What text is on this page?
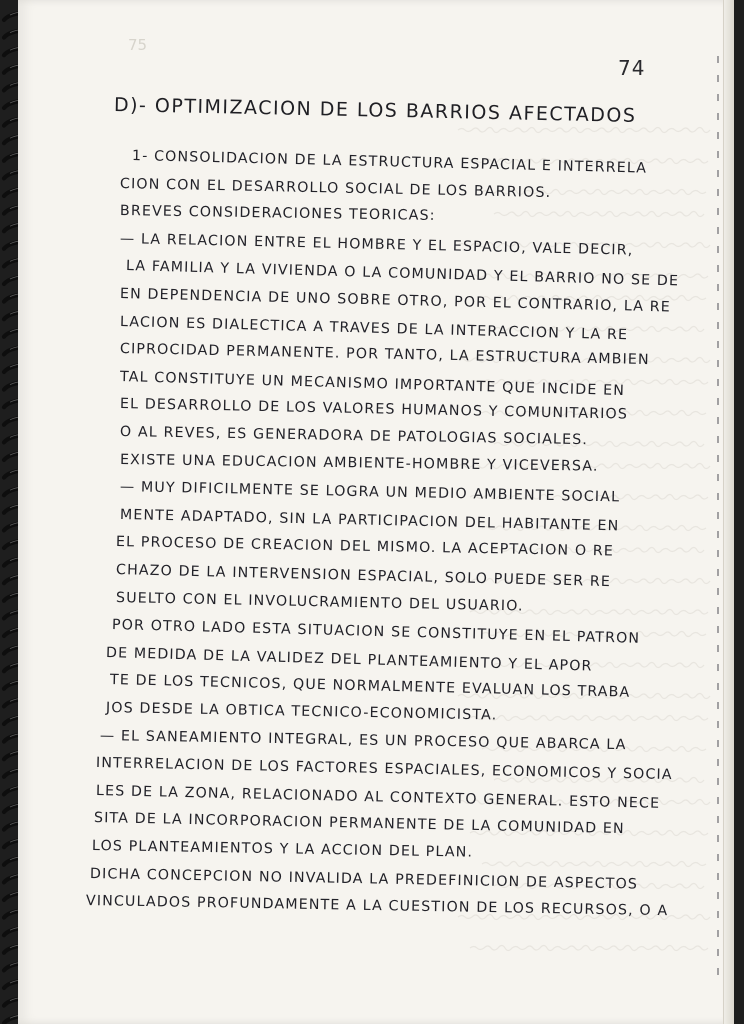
75
74
D)- OPTIMIZACION DE LOS BARRIOS AFECTADOS
1- CONSOLIDACION DE LA ESTRUCTURA ESPACIAL E INTERRELA
CION CON EL DESARROLLO SOCIAL DE LOS BARRIOS.
BREVES CONSIDERACIONES TEORICAS:
— LA RELACION ENTRE EL HOMBRE Y EL ESPACIO, VALE DECIR,
LA FAMILIA Y LA VIVIENDA O LA COMUNIDAD Y EL BARRIO NO SE DE
EN DEPENDENCIA DE UNO SOBRE OTRO, POR EL CONTRARIO, LA RE
LACION ES DIALECTICA A TRAVES DE LA INTERACCION Y LA RE
CIPROCIDAD PERMANENTE. POR TANTO, LA ESTRUCTURA AMBIEN
TAL CONSTITUYE UN MECANISMO IMPORTANTE QUE INCIDE EN
EL DESARROLLO DE LOS VALORES HUMANOS Y COMUNITARIOS
O AL REVES, ES GENERADORA DE PATOLOGIAS SOCIALES.
EXISTE UNA EDUCACION AMBIENTE-HOMBRE Y VICEVERSA.
— MUY DIFICILMENTE SE LOGRA UN MEDIO AMBIENTE SOCIAL
MENTE ADAPTADO, SIN LA PARTICIPACION DEL HABITANTE EN
EL PROCESO DE CREACION DEL MISMO. LA ACEPTACION O RE
CHAZO DE LA INTERVENSION ESPACIAL, SOLO PUEDE SER RE
SUELTO CON EL INVOLUCRAMIENTO DEL USUARIO.
POR OTRO LADO ESTA SITUACION SE CONSTITUYE EN EL PATRON
DE MEDIDA DE LA VALIDEZ DEL PLANTEAMIENTO Y EL APOR
TE DE LOS TECNICOS, QUE NORMALMENTE EVALUAN LOS TRABA
JOS DESDE LA OBTICA TECNICO-ECONOMICISTA.
— EL SANEAMIENTO INTEGRAL, ES UN PROCESO QUE ABARCA LA
INTERRELACION DE LOS FACTORES ESPACIALES, ECONOMICOS Y SOCIA
LES DE LA ZONA, RELACIONADO AL CONTEXTO GENERAL. ESTO NECE
SITA DE LA INCORPORACION PERMANENTE DE LA COMUNIDAD EN
LOS PLANTEAMIENTOS Y LA ACCION DEL PLAN.
DICHA CONCEPCION NO INVALIDA LA PREDEFINICION DE ASPECTOS
VINCULADOS PROFUNDAMENTE A LA CUESTION DE LOS RECURSOS, O A
